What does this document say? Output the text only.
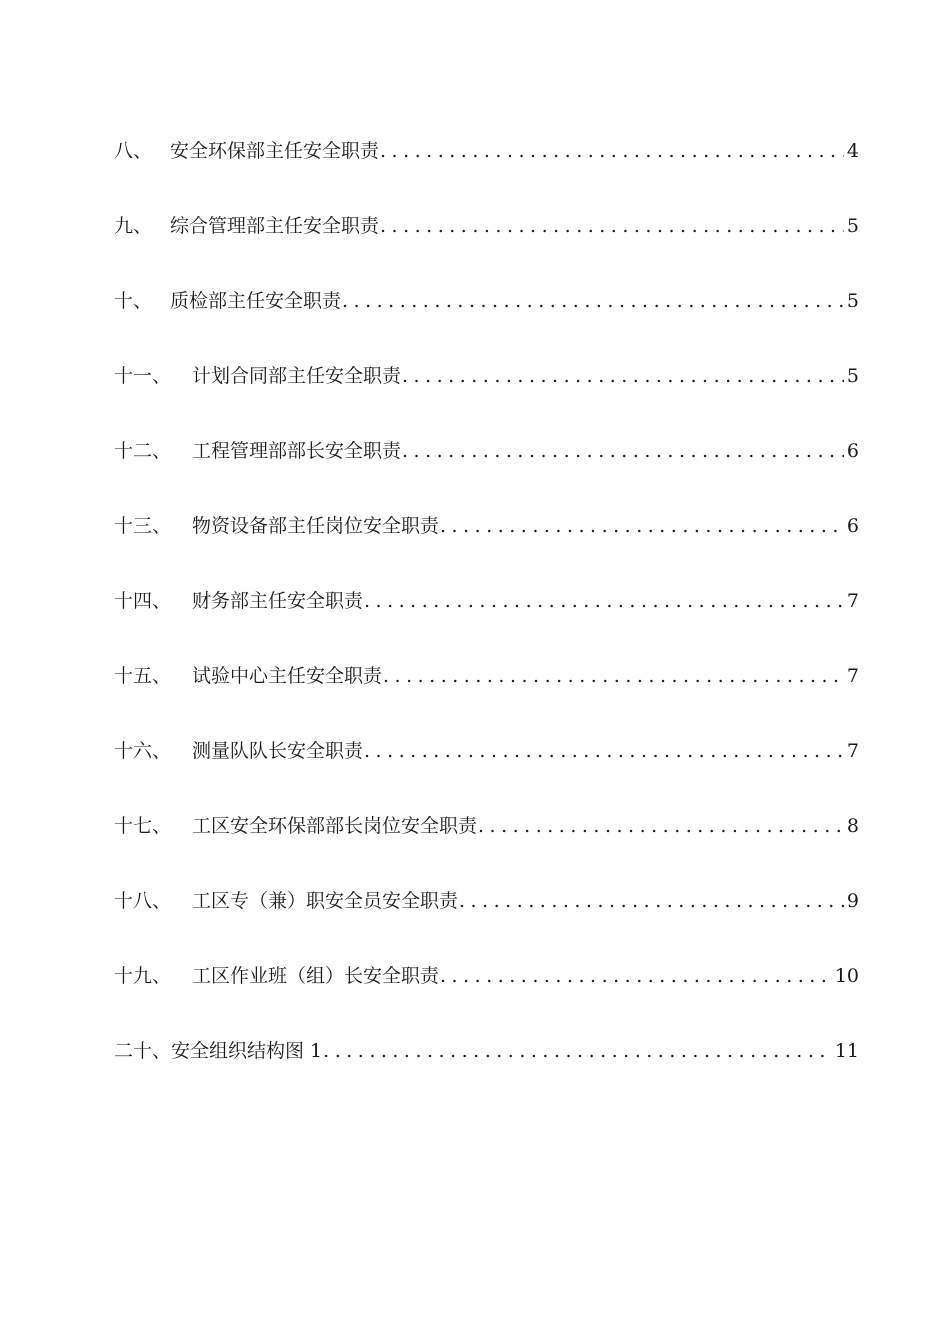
八、 安全环保部主任安全职责 .....	4
九、 综合管理部主任安全职责 .....	5
十、 质检部主任安全职责 .....	5
十一、	计划合同部主任安全职责 .....	5
十二、	工程管理部部长安全职责 .....	6
十三、	物资设备部主任岗位安全职责 .....	6
十四、	财务部主任安全职责 .....	7
十五、	试验中心主任安全职责 .....	7
十六、	测量队队长安全职责 .....	7
十七、	工区安全环保部部长岗位安全职责 .....	8
十八、	工区专（兼）职安全员安全职责 .....	9
十九、	工区作业班（组）长安全职责 .....	10
二十、 安全组织结构图 1 .....	11
